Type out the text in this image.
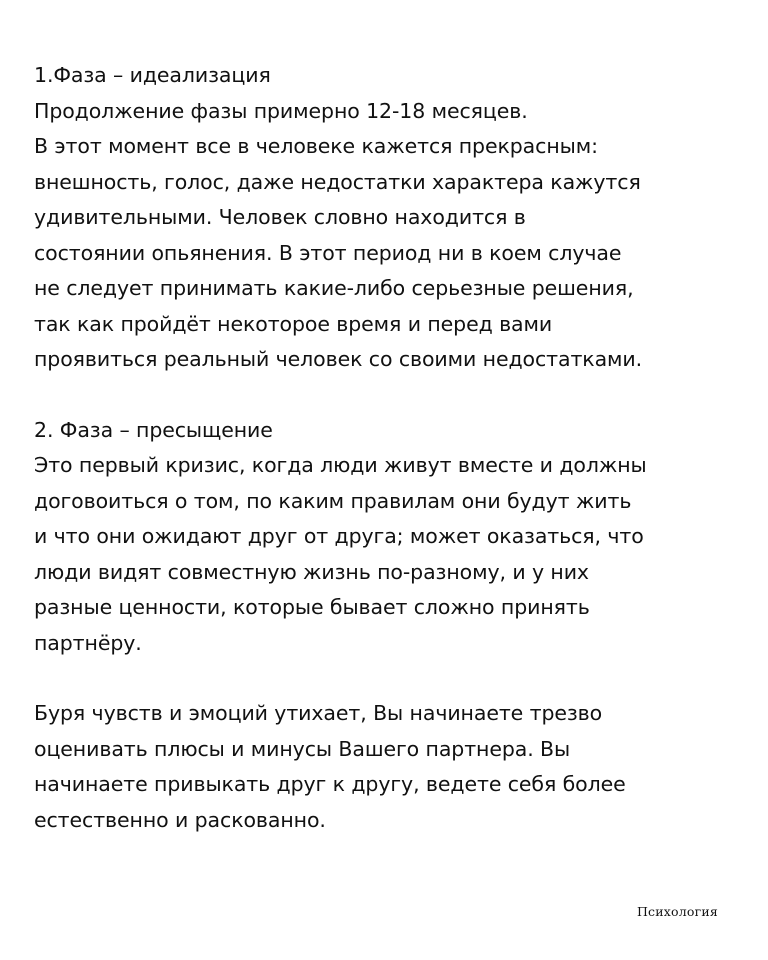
1.Фаза – идеализация
Продолжение фазы примерно 12-18 месяцев.
В этот момент все в человеке кажется прекрасным:
внешность, голос, даже недостатки характера кажутся
удивительными. Человек словно находится в
состоянии опьянения. В этот период ни в коем случае
не следует принимать какие-либо серьезные решения,
так как пройдёт некоторое время и перед вами
проявиться реальный человек со своими недостатками.
2. Фаза – пресыщение
Это первый кризис, когда люди живут вместе и должны
договоиться о том, по каким правилам они будут жить
и что они ожидают друг от друга; может оказаться, что
люди видят совместную жизнь по-разному, и у них
разные ценности, которые бывает сложно принять
партнёру.
Буря чувств и эмоций утихает, Вы начинаете трезво
оценивать плюсы и минусы Вашего партнера. Вы
начинаете привыкать друг к другу, ведете себя более
естественно и раскованно.
Психология
